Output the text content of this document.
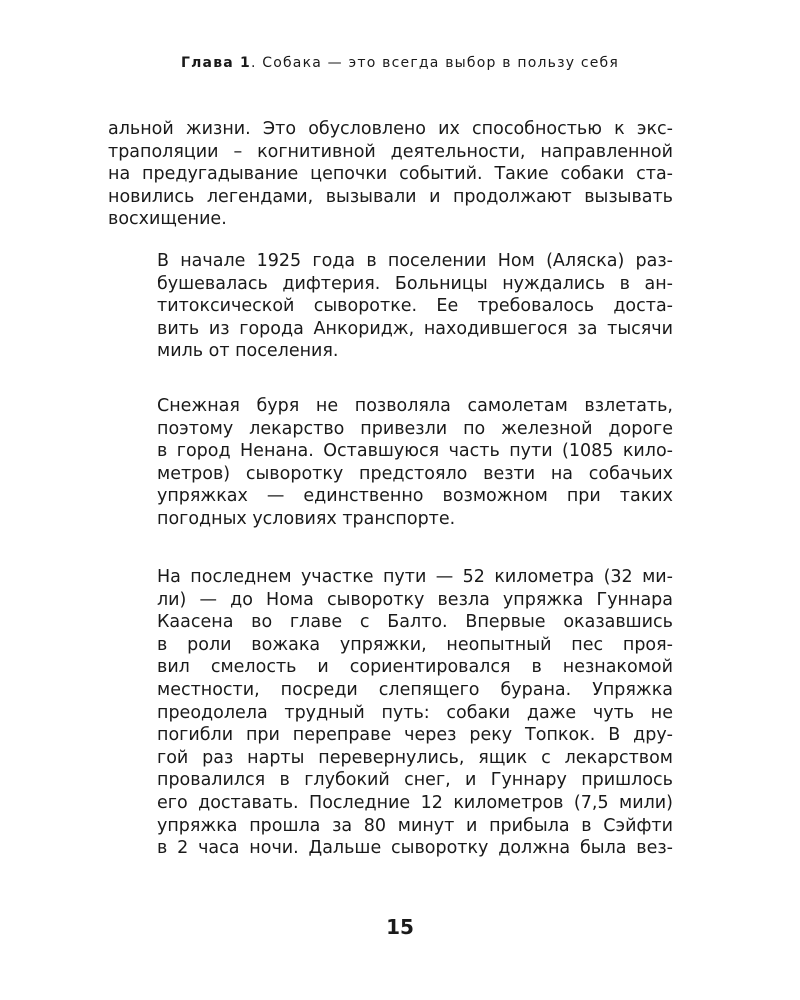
Глава 1. Собака — это всегда выбор в пользу себя

альной жизни. Это обусловлено их способностью к экс-
траполяции – когнитивной деятельности, направленной
на предугадывание цепочки событий. Такие собаки ста-
новились легендами, вызывали и продолжают вызывать
восхищение.

В начале 1925 года в поселении Ном (Аляска) раз-
бушевалась дифтерия. Больницы нуждались в ан-
титоксической сыворотке. Ее требовалось доста-
вить из города Анкоридж, находившегося за тысячи
миль от поселения.

Снежная буря не позволяла самолетам взлетать,
поэтому лекарство привезли по железной дороге
в город Ненана. Оставшуюся часть пути (1085 кило-
метров) сыворотку предстояло везти на собачьих
упряжках — единственно возможном при таких
погодных условиях транспорте.

На последнем участке пути — 52 километра (32 ми-
ли) — до Нома сыворотку везла упряжка Гуннара
Каасена во главе с Балто. Впервые оказавшись
в роли вожака упряжки, неопытный пес проя-
вил смелость и сориентировался в незнакомой
местности, посреди слепящего бурана. Упряжка
преодолела трудный путь: собаки даже чуть не
погибли при переправе через реку Топкок. В дру-
гой раз нарты перевернулись, ящик с лекарством
провалился в глубокий снег, и Гуннару пришлось
его доставать. Последние 12 километров (7,5 мили)
упряжка прошла за 80 минут и прибыла в Сэйфти
в 2 часа ночи. Дальше сыворотку должна была вез-

15
